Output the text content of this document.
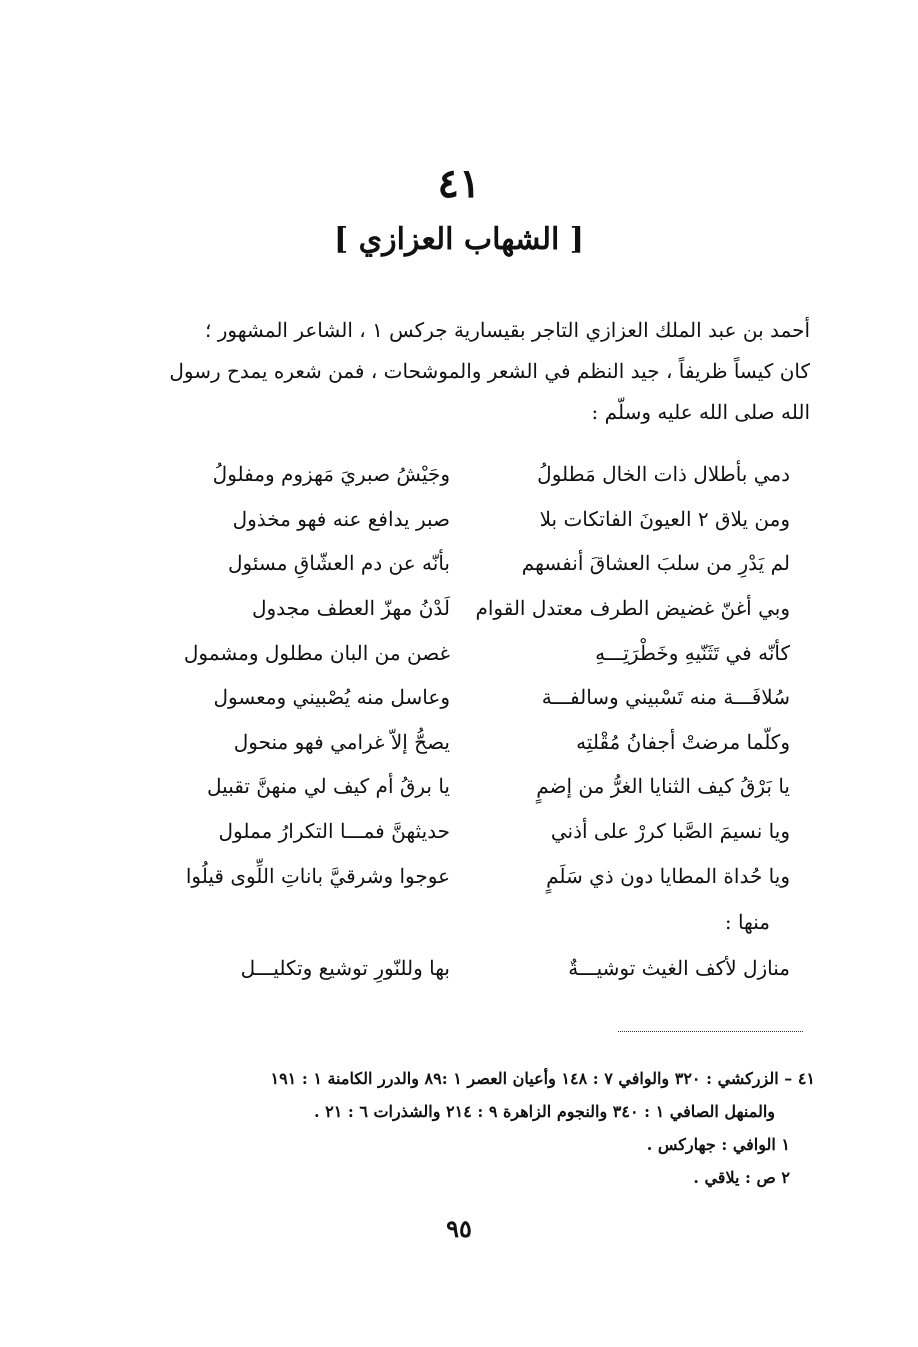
٤١
[ الشهاب العزازي ]
أحمد بن عبد الملك العزازي التاجر بقيسارية جركس ١ ، الشاعر المشهور ؛
كان كيساً ظريفاً ، جيد النظم في الشعر والموشحات ، فمن شعره يمدح رسول
الله صلى الله عليه وسلّم :
دمي بأطلال ذات الخال مَطلولُ
وجَيْشُ صبريَ مَهزوم ومفلولُ
ومن يلاق ٢ العيونَ الفاتكات بلا
صبر يدافع عنه فهو مخذول
لم يَدْرِ من سلبَ العشاقَ أنفسهم
بأنّه عن دم العشّاقِ مسئول
وبي أغنّ غضيض الطرف معتدل القوام
لَدْنُ مهزّ العطف مجدول
كأنّه في تَثَنّيهِ وخَطْرَتِـــهِ
غصن من البان مطلول ومشمول
سُلافَـــة منه تَسْبيني وسالفـــة
وعاسل منه يُصْبيني ومعسول
وكلّما مرضتْ أجفانُ مُقْلتِه
يصحُّ إلاّ غرامي فهو منحول
يا بَرْقُ كيف الثنايا الغرُّ من إضمٍ
يا برقُ أم كيف لي منهنَّ تقبيل
ويا نسيمَ الصَّبا كررْ على أذني
حديثهنَّ فمـــا التكرارُ مملول
ويا حُداة المطايا دون ذي سَلَمٍ
عوجوا وشرقيَّ باناتِ اللِّوى قيلُوا
منها :
منازل لأكف الغيث توشيـــةٌ
بها وللنّورِ توشيع وتكليـــل
٤١ – الزركشي : ٣٢٠ والوافي ٧ : ١٤٨ وأعيان العصر ١ :٨٩ والدرر الكامنة ١ : ١٩١
والمنهل الصافي ١ : ٣٤٠ والنجوم الزاهرة ٩ : ٢١٤ والشذرات ٦ : ٢١ .
١ الوافي : جهاركس .
٢ ص : يلاقي .
٩٥
